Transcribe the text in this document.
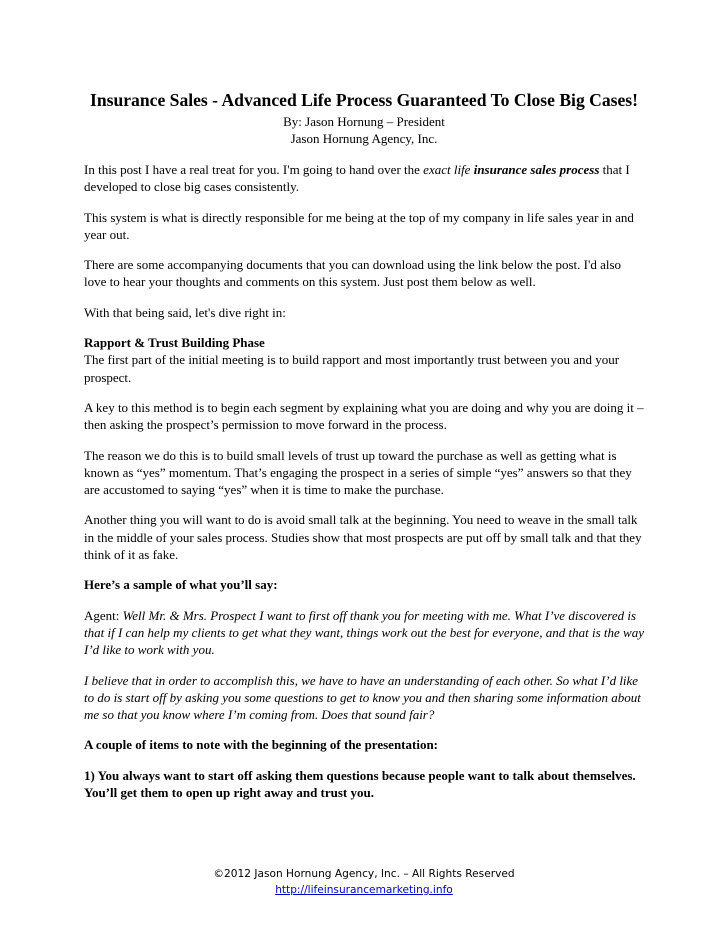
Insurance Sales - Advanced Life Process Guaranteed To Close Big Cases!
By: Jason Hornung – President
Jason Hornung Agency, Inc.

In this post I have a real treat for you. I'm going to hand over the exact life insurance sales process that I developed to close big cases consistently.

This system is what is directly responsible for me being at the top of my company in life sales year in and year out.

There are some accompanying documents that you can download using the link below the post. I'd also love to hear your thoughts and comments on this system. Just post them below as well.

With that being said, let's dive right in:

Rapport & Trust Building Phase

The first part of the initial meeting is to build rapport and most importantly trust between you and your prospect.

A key to this method is to begin each segment by explaining what you are doing and why you are doing it – then asking the prospect’s permission to move forward in the process.

The reason we do this is to build small levels of trust up toward the purchase as well as getting what is known as “yes” momentum. That’s engaging the prospect in a series of simple “yes” answers so that they are accustomed to saying “yes” when it is time to make the purchase.

Another thing you will want to do is avoid small talk at the beginning. You need to weave in the small talk in the middle of your sales process. Studies show that most prospects are put off by small talk and that they think of it as fake.

Here’s a sample of what you’ll say:

Agent: Well Mr. & Mrs. Prospect I want to first off thank you for meeting with me. What I’ve discovered is that if I can help my clients to get what they want, things work out the best for everyone, and that is the way I’d like to work with you.

I believe that in order to accomplish this, we have to have an understanding of each other. So what I’d like to do is start off by asking you some questions to get to know you and then sharing some information about me so that you know where I’m coming from. Does that sound fair?

A couple of items to note with the beginning of the presentation:

1) You always want to start off asking them questions because people want to talk about themselves. You’ll get them to open up right away and trust you.

©2012 Jason Hornung Agency, Inc. – All Rights Reserved
http://lifeinsurancemarketing.info
